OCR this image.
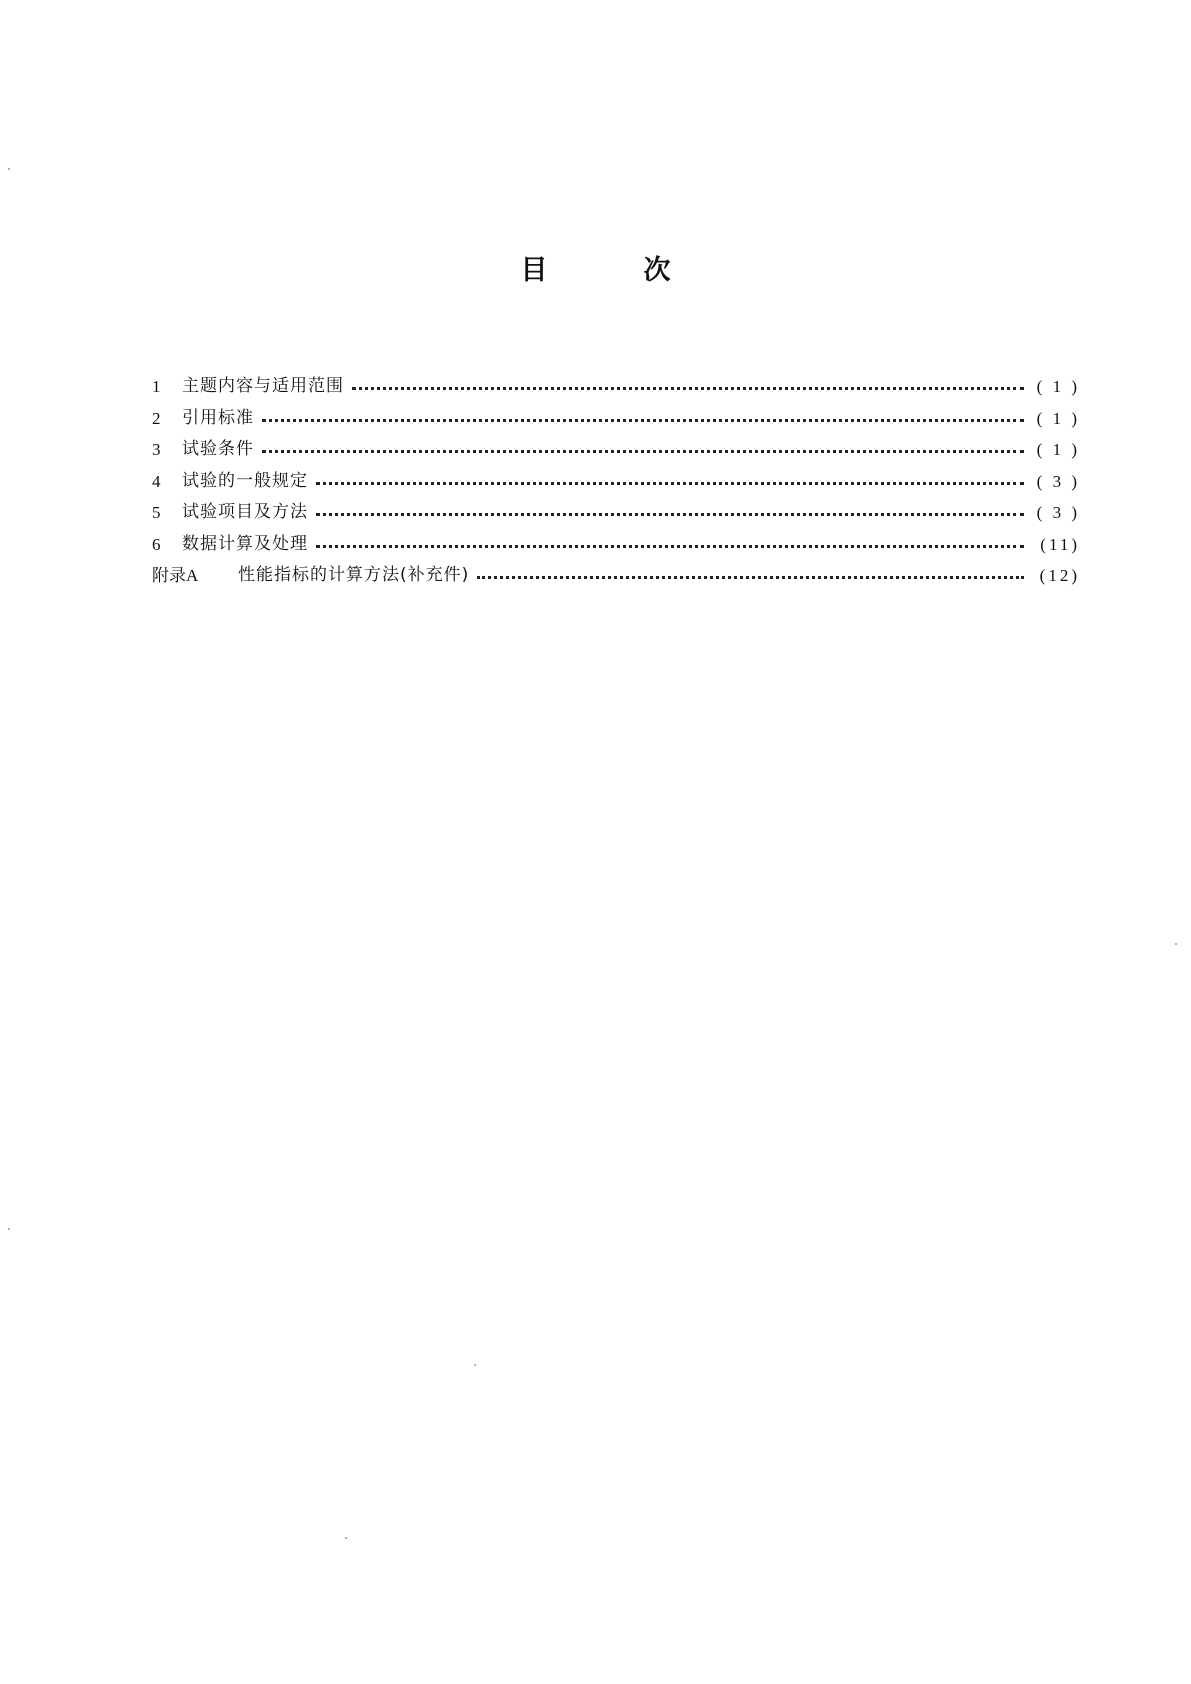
目	次
1	主题内容与适用范围	( 1 )
2	引用标准	( 1 )
3	试验条件	( 1 )
4	试验的一般规定	( 3 )
5	试验项目及方法	( 3 )
6	数据计算及处理	(11)
附录A	性能指标的计算方法(补充件)	(12)
